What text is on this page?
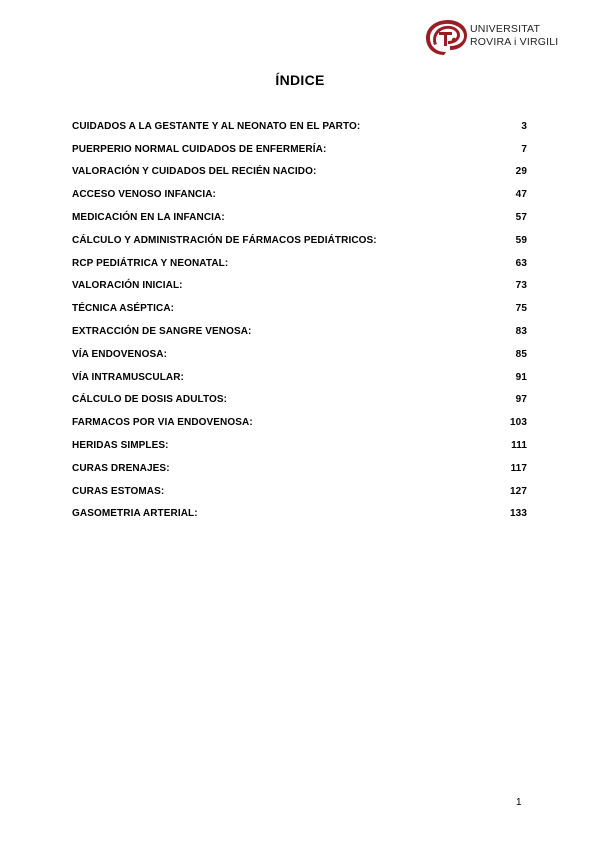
UNIVERSITAT
ROVIRA i VIRGILI
ÍNDICE
CUIDADOS A LA GESTANTE Y AL NEONATO EN EL PARTO:	3
PUERPERIO NORMAL CUIDADOS DE ENFERMERÍA:	7
VALORACIÓN Y CUIDADOS DEL RECIÉN NACIDO:	29
ACCESO VENOSO INFANCIA:	47
MEDICACIÓN EN LA INFANCIA:	57
CÁLCULO Y ADMINISTRACIÓN DE FÁRMACOS PEDIÁTRICOS:	59
RCP PEDIÁTRICA Y NEONATAL:	63
VALORACIÓN INICIAL:	73
TÉCNICA ASÉPTICA:	75
EXTRACCIÓN DE SANGRE VENOSA:	83
VÍA ENDOVENOSA:	85
VÍA INTRAMUSCULAR:	91
CÁLCULO DE DOSIS ADULTOS:	97
FARMACOS POR VIA ENDOVENOSA:	103
HERIDAS SIMPLES:	111
CURAS DRENAJES:	117
CURAS ESTOMAS:	127
GASOMETRIA ARTERIAL:	133
1
